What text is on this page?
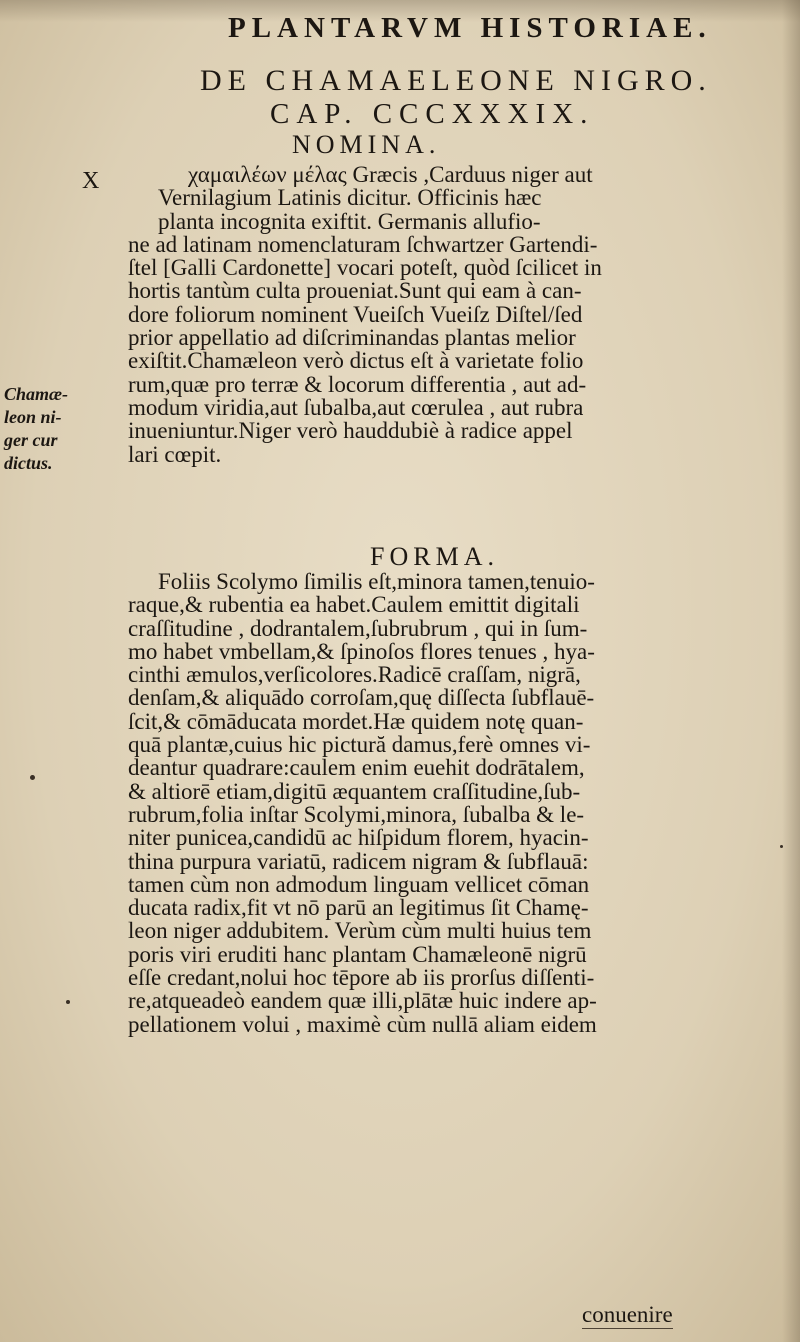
PLANTARVM HISTORIAE.
DE CHAMAELEONE NIGRO.
CAP. CCCXXXIX.
NOMINA.
X	χαμαιλέων μέλας Græcis ,Carduus niger aut
Vernilagium Latinis dicitur. Officinis hæc
planta incognita exiftit. Germanis allufio-
ne ad latinam nomenclaturam ſchwartzer Gartendi-
ſtel [Galli Cardonette] vocari poteſt, quòd ſcilicet in
hortis tantùm culta proueniat.Sunt qui eam à can-
dore foliorum nominent Vueiſch Vueiſz Diſtel/ſed
prior appellatio ad diſcriminandas plantas melior
exiſtit.Chamæleon verò dictus eſt à varietate folio
rum,quæ pro terræ & locorum differentia , aut ad-
modum viridia,aut ſubalba,aut cœrulea , aut rubra
inueniuntur.Niger verò hauddubiè à radice appel
lari cœpit.
Chamæ-
leon ni-
ger cur
dictus.
FORMA.
Foliis Scolymo ſimilis eſt,minora tamen,tenuio-
raque,& rubentia ea habet.Caulem emittit digitali
craſſitudine , dodrantalem,ſubrubrum , qui in ſum-
mo habet vmbellam,& ſpinoſos flores tenues , hya-
cinthi æmulos,verſicolores.Radicē craſſam, nigrā,
denſam,& aliquādo corroſam,quę diſſecta ſubflauē-
ſcit,& cōmāducata mordet.Hæ quidem notę quan-
quā plantæ,cuius hic pictură damus,ferè omnes vi-
deantur quadrare:caulem enim euehit dodrātalem,
& altiorē etiam,digitū æquantem craſſitudine,ſub-
rubrum,folia inſtar Scolymi,minora, ſubalba & le-
niter punicea,candidū ac hiſpidum florem, hyacin-
thina purpura variatū, radicem nigram & ſubflauā:
tamen cùm non admodum linguam vellicet cōman
ducata radix,fit vt nō parū an legitimus ſit Chamę-
leon niger addubitem. Verùm cùm multi huius tem
poris viri eruditi hanc plantam Chamæleonē nigrū
eſſe credant,nolui hoc tēpore ab iis prorſus diſſenti-
re,atqueadeò eandem quæ illi,plātæ huic indere ap-
pellationem volui , maximè cùm nullā aliam eidem
conuenire
